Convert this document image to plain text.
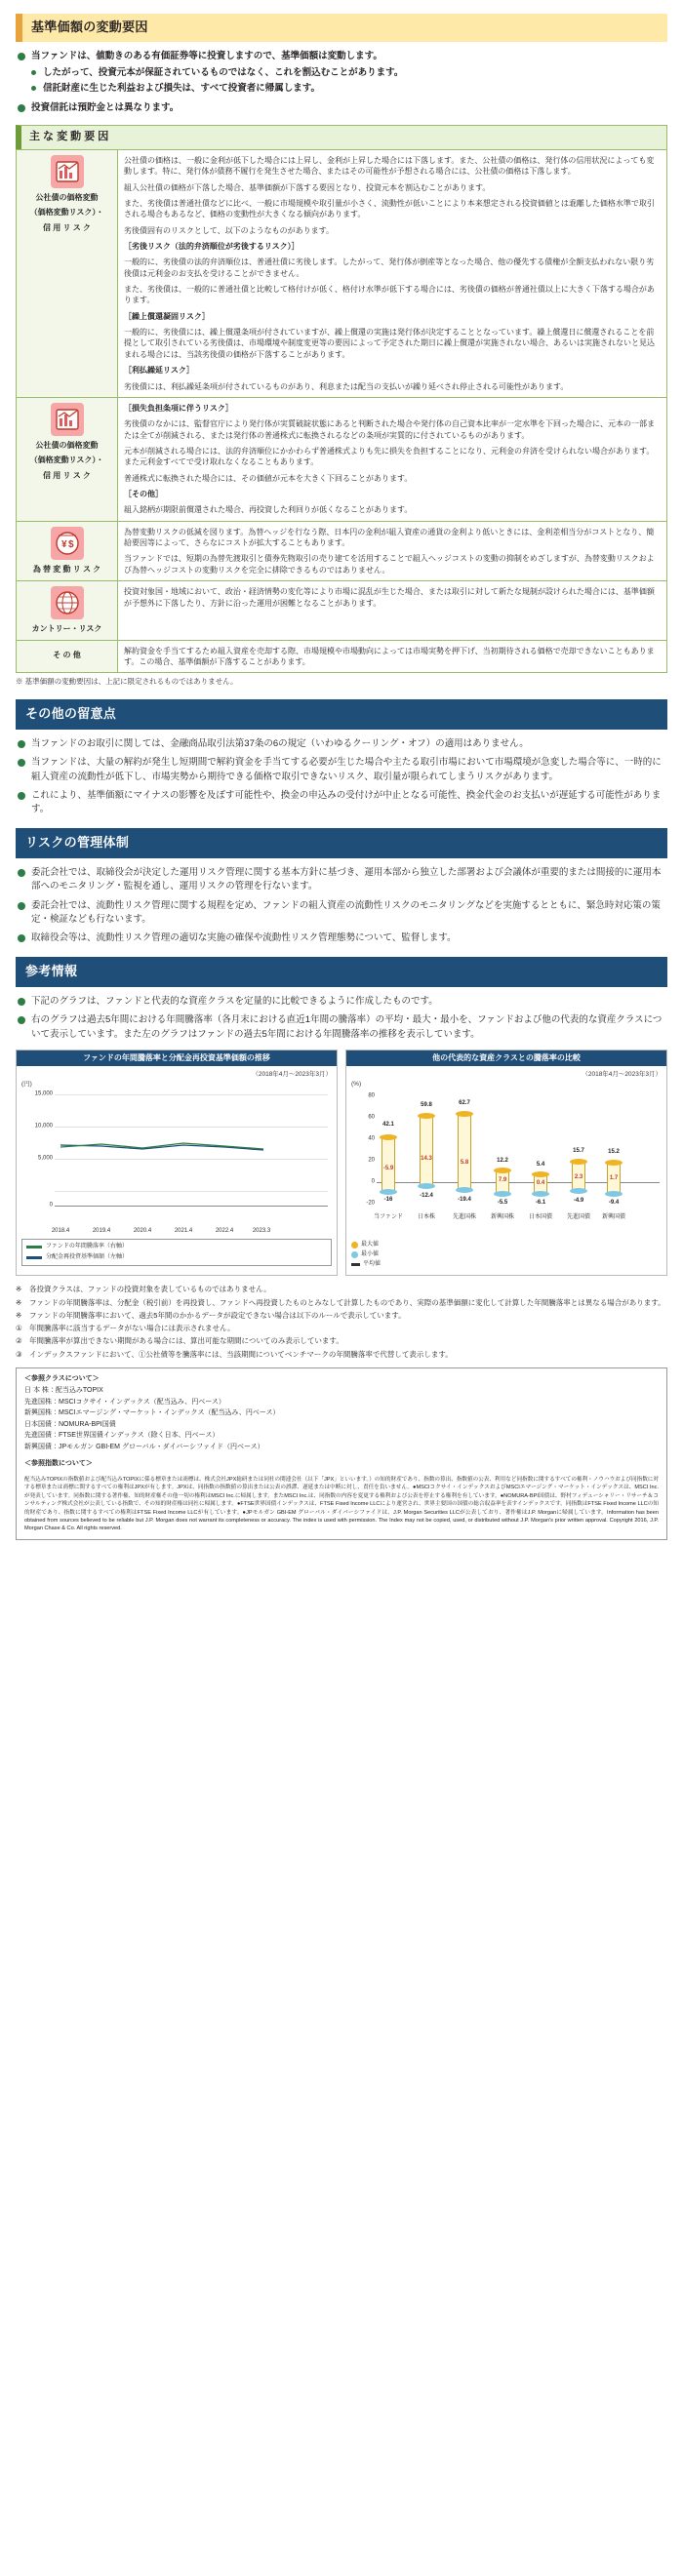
基準価額の変動要因
当ファンドは、値動きのある有価証券等に投資しますので、基準価額は変動します。
したがって、投資元本が保証されているものではなく、これを割込むことがあります。
信託財産に生じた利益および損失は、すべて投資者に帰属します。
投資信託は預貯金とは異なります。
主 な 変 動 要 因
公社債の価格変動
（価格変動リスク）・
信 用 リ ス ク

公社債の価格は、一般に金利が低下した場合には上昇し、金利が上昇した場合には下落します。また、公社債の価格は、発行体の信用状況によっても変動します。特に、発行体が債務不履行を発生させた場合、またはその可能性が予想される場合には、公社債の価格は下落します。

組入公社債の価格が下落した場合、基準価額が下落する要因となり、投資元本を割込むことがあります。

また、劣後債は普通社債などに比べ、一般に市場規模や取引量が小さく、流動性が低いことにより本来想定される投資価値とは乖離した価格水準で取引される場合もあるなど、価格の変動性が大きくなる傾向があります。

劣後債固有のリスクとして、以下のようなものがあります。

［劣後リスク（法的弁済順位が劣後するリスク）］

一般的に、劣後債の法的弁済順位は、普通社債に劣後します。したがって、発行体が倒産等となった場合、他の優先する債権が全額支払われない限り劣後債は元利金のお支払を受けることができません。

また、劣後債は、一般的に普通社債と比較して格付けが低く、格付け水準が低下する場合には、劣後債の価格が普通社債以上に大きく下落する場合があります。

［繰上償還凝固リスク］

一般的に、劣後債には、繰上償還条項が付されていますが、繰上償還の実施は発行体が決定することとなっています。繰上償還日に償還されることを前提として取引されている劣後債は、市場環境や制度変更等の要因によって予定された期日に繰上償還が実施されない場合、あるいは実施されないと見込まれる場合には、当該劣後債の価格が下落することがあります。

［利払繰延リスク］

劣後債には、利払繰延条項が付されているものがあり、利息または配当の支払いが繰り延べされ停止される可能性があります。

公社債の価格変動
（価格変動リスク）・
信 用 リ ス ク

［損失負担条項に伴うリスク］

劣後債のなかには、監督官庁により発行体が実質破綻状態にあると判断された場合や発行体の自己資本比率が一定水準を下回った場合に、元本の一部または全てが削減される、または発行体の普通株式に転換されるなどの条項が実質的に付されているものがあります。

元本が削減される場合には、法的弁済順位にかかわらず普通株式よりも先に損失を負担することになり、元利金の弁済を受けられない場合があります。また元利金すべてで受け取れなくなることもあります。

普通株式に転換された場合には、その価値が元本を大きく下回ることがあります。

［その他］

組入銘柄が期限前償還された場合、再投資した利回りが低くなることがあります。

¥ $
為 替 変 動 リ ス ク

為替変動リスクの低減を図ります。為替ヘッジを行なう際、日本円の金利が組入資産の通貨の金利より低いときには、金利差相当分がコストとなり、簡給要因等によって、さらなにコストが拡大することもあります。

当ファンドでは、短期の為替先渡取引と債券先物取引の売り建てを活用することで組入ヘッジコストの変動の抑制をめざしますが、為替変動リスクおよび為替ヘッジコストの変動リスクを完全に排除できるものではありません。

カントリー・リスク	投資対象国・地域において、政治・経済情勢の変化等により市場に混乱が生じた場合、または取引に対して新たな規制が設けられた場合には、基準価額が予想外に下落したり、方針に沿った運用が困難となることがあります。

そ の 他	解約資金を手当てするため組入資産を売却する際、市場規模や市場動向によっては市場実勢を押下げ、当初期待される価格で売却できないこともあります。この場合、基準価額が下落することがあります。

※ 基準価額の変動要因は、上記に限定されるものではありません。

その他の留意点
当ファンドのお取引に関しては、金融商品取引法第37条の6の規定（いわゆるクーリング・オフ）の適用はありません。
当ファンドは、大量の解約が発生し短期間で解約資金を手当てする必要が生じた場合や主たる取引市場において市場環境が急変した場合等に、一時的に組入資産の流動性が低下し、市場実勢から期待できる価格で取引できないリスク、取引量が限られてしまうリスクがあります。
これにより、基準価額にマイナスの影響を及ぼす可能性や、換金の申込みの受付けが中止となる可能性、換金代金のお支払いが遅延する可能性があります。
リスクの管理体制
委託会社では、取締役会が決定した運用リスク管理に関する基本方針に基づき、運用本部から独立した部署および会議体が重要的または間接的に運用本部へのモニタリング・監視を通し、運用リスクの管理を行ないます。
委託会社では、流動性リスク管理に関する規程を定め、ファンドの組入資産の流動性リスクのモニタリングなどを実施するとともに、緊急時対応策の策定・検証なども行ないます。
取締役会等は、流動性リスク管理の適切な実施の確保や流動性リスク管理態勢について、監督します。
参考情報
下記のグラフは、ファンドと代表的な資産クラスを定量的に比較できるように作成したものです。
右のグラフは過去5年間における年間騰落率（各月末における直近1年間の騰落率）の平均・最大・最小を、ファンドおよび他の代表的な資産クラスについて表示しています。また左のグラフはファンドの過去5年間における年間騰落率の推移を表示しています。
ファンドの年間騰落率と分配金再投資基準価額の推移
（2018年4月～2023年3月）
(円)
15,000
10,000
5,000
0
2018.4	2019.4	2020.4	2021.4	2022.4	2023.3
ファンドの年間騰落率（右軸）
分配金再投資基準価額（左軸）
他の代表的な資産クラスとの騰落率の比較
（2018年4月～2023年3月）
(%)
80
60
40
20
0
-20
42.1
-16
-5.9
当ファンド
59.8
-12.4
14.3
日本株
62.7
-19.4
5.8
先進国株
12.2
-5.5
7.9
新興国株
5.4
-6.1
0.4
日本国債
15.7
-4.9
2.3
先進国債
15.2
-9.4
1.7
新興国債
最大値
最小値
平均値
※ 各投資クラスは、ファンドの投資対象を表しているものではありません。
※ ファンドの年間騰落率は、分配金（税引前）を再投資し、ファンドへ再投資したものとみなして計算したものであり、実際の基準価額に変化して計算した年間騰落率とは異なる場合があります。
※ ファンドの年間騰落率において、過去5年間のかかるデータが設定できない場合は以下のルールで表示しています。
① 年間騰落率に該当するデータがない場合には表示されません。
② 年間騰落率が算出できない期間がある場合には、算出可能な期間についてのみ表示しています。
③ インデックスファンドにおいて、①公社債等を騰落率には、当該期間についてベンチマークの年間騰落率で代替して表示します。
＜参照クラスについて＞
日 本 株：配当込みTOPIX
先進国株：MSCIコクサイ・インデックス（配当込み、円ベース）
新興国株：MSCIエマージング・マーケット・インデックス（配当込み、円ベース）
日本国債：NOMURA-BPI国債
先進国債：FTSE世界国債インデックス（除く日本、円ベース）
新興国債：JPモルガン GBI-EM グローバル・ダイバーシファイド（円ベース）
＜参照指数について＞
配当込みTOPIXの指数値および配当込みTOPIXに係る標章または商標は、株式会社JPX総研または同社の関連会社（以下「JPX」といいます。）の知的財産であり、指数の算出、指数値の公表、利用など同指数に関するすべての権利・ノウハウおよび同指数に対する標章または商標に関するすべての権利はJPXが有します。JPXは、同指数の指数値の算出または公表の誤謬、遅延または中断に対し、責任を負いません。●MSCIコクサイ・インデックスおよびMSCIエマージング・マーケット・インデックスは、MSCI Inc.が発表しています。同指数に関する著作権、知的財産権その他一切の権利はMSCI Inc.に帰属します。またMSCI Inc.は、同指数の内容を変更する権利および公表を停止する権利を有しています。●NOMURA-BPI国債は、野村フィデューシャリー・リサーチ＆コンサルティング株式会社が公表している指数で、その知的財産権は同社に帰属します。●FTSE世界国債インデックスは、FTSE Fixed Income LLCにより運営され、世界主要国の国債の総合収益率を表すインデックスです。同指数はFTSE Fixed Income LLCの知的財産であり、指数に関するすべての権利はFTSE Fixed Income LLCが有しています。●JPモルガン GBI-EM グローバル・ダイバーシファイドは、J.P. Morgan Securities LLCが公表しており、著作権はJ.P. Morganに帰属しています。Information has been obtained from sources believed to be reliable but J.P. Morgan does not warrant its completeness or accuracy. The index is used with permission. The Index may not be copied, used, or distributed without J.P. Morgan's prior written approval. Copyright 2016, J.P. Morgan Chase & Co. All rights reserved.
